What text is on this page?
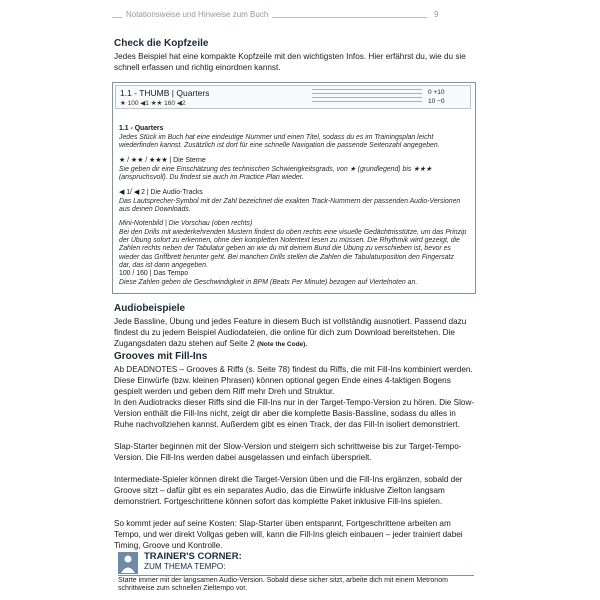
Notationsweise und Hinweise zum Buch	9
Check die Kopfzeile

Jedes Beispiel hat eine kompakte Kopfzeile mit den wichtigsten Infos. Hier erfährst du, wie du sie schnell erfassen und richtig einordnen kannst.

1.1 - THUMB | Quarters
★ 100 ◀1 ★★ 160 ◀2
0 +10
10 −0

1.1 - Quarters

Jedes Stück im Buch hat eine eindeutige Nummer und einen Titel, sodass du es im Trainingsplan leicht wiederfinden kannst. Zusätzlich ist dort für eine schnelle Navigation die passende Seitenzahl angegeben.

★ / ★★ / ★★★ | Die Sterne

Sie geben dir eine Einschätzung des technischen Schwierigkeitsgrads, von ★ (grundlegend) bis ★★★ (anspruchsvoll). Du findest sie auch im Practice Plan wieder.

◀ 1/ ◀ 2 | Die Audio-Tracks

Das Lautsprecher-Symbol mit der Zahl bezeichnet die exakten Track-Nummern der passenden Audio-Versionen aus deinen Downloads.

Mini-Notenbild | Die Vorschau (oben rechts)

Bei den Drills mit wiederkehrenden Mustern findest du oben rechts eine visuelle Gedächtnisstütze, um das Prinzip der Übung sofort zu erkennen, ohne den kompletten Notentext lesen zu müssen. Die Rhythmik wird gezeigt, die Zahlen rechts neben der Tabulatur geben an wie du mit deinem Bund die Übung zu verschieben ist, bevor es wieder das Griffbrett herunter geht. Bei manchen Drills stellen die Zahlen die Tabulaturposition den Fingersatz dar, das ist dann angegeben.

100 / 160 | Das Tempo

Diese Zahlen geben die Geschwindigkeit in BPM (Beats Per Minute) bezogen auf Viertelnoten an.

Audiobeispiele

Jede Bassline, Übung und jedes Feature in diesem Buch ist vollständig ausnotiert. Passend dazu findest du zu jedem Beispiel Audiodateien, die online für dich zum Download bereitstehen. Die Zugangsdaten dazu stehen auf Seite 2 (Note the Code).

Grooves mit Fill-Ins

Ab DEADNOTES – Grooves & Riffs (s. Seite 78) findest du Riffs, die mit Fill-Ins kombiniert werden. Diese Einwürfe (bzw. kleinen Phrasen) können optional gegen Ende eines 4-taktigen Bogens gespielt werden und geben dem Riff mehr Dreh und Struktur.

In den Audiotracks dieser Riffs sind die Fill-Ins nur in der Target-Tempo-Version zu hören. Die Slow-Version enthält die Fill-Ins nicht, zeigt dir aber die komplette Basis-Bassline, sodass du alles in Ruhe nachvollziehen kannst. Außerdem gibt es einen Track, der das Fill-In isoliert demonstriert.

Slap-Starter beginnen mit der Slow-Version und steigern sich schrittweise bis zur Target-Tempo-Version. Die Fill-Ins werden dabei ausgelassen und einfach übersprielt.

Intermediate-Spieler können direkt die Target-Version üben und die Fill-Ins ergänzen, sobald der Groove sitzt – dafür gibt es ein separates Audio, das die Einwürfe inklusive Zielton langsam demonstriert. Fortgeschrittene können sofort das komplette Paket inklusive Fill-Ins spielen.

So kommt jeder auf seine Kosten: Slap-Starter üben entspannt, Fortgeschrittene arbeiten am Tempo, und wer direkt Vollgas geben will, kann die Fill-Ins gleich einbauen – jeder trainiert dabei Timing, Groove und Kontrolle.

TRAINER'S CORNER:
ZUM THEMA TEMPO:

Starte immer mit der langsamen Audio-Version. Sobald diese sicher sitzt, arbeite dich mit einem Metronom schrittweise zum schnellen Zieltempo vor.
